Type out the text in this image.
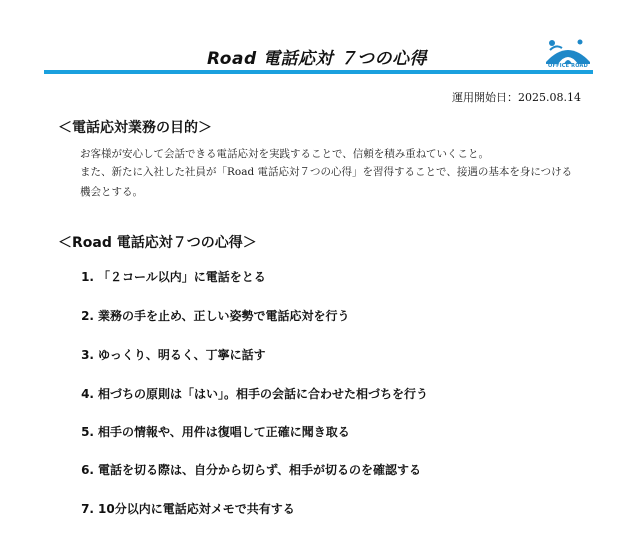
Road 電話応対 ７つの心得	OFFICE ROAD
運用開始日：2025.08.14
＜電話応対業務の目的＞
お客様が安心して会話できる電話応対を実践することで、信頼を積み重ねていくこと。
また、新たに入社した社員が「Road 電話応対７つの心得」を習得することで、接遇の基本を身につける機会とする。
＜Road 電話応対７つの心得＞
1. 「２コール以内」に電話をとる
2. 業務の手を止め、正しい姿勢で電話応対を行う
3. ゆっくり、明るく、丁寧に話す
4. 相づちの原則は「はい」。相手の会話に合わせた相づちを行う
5. 相手の情報や、用件は復唱して正確に聞き取る
6. 電話を切る際は、自分から切らず、相手が切るのを確認する
7. 10分以内に電話応対メモで共有する
